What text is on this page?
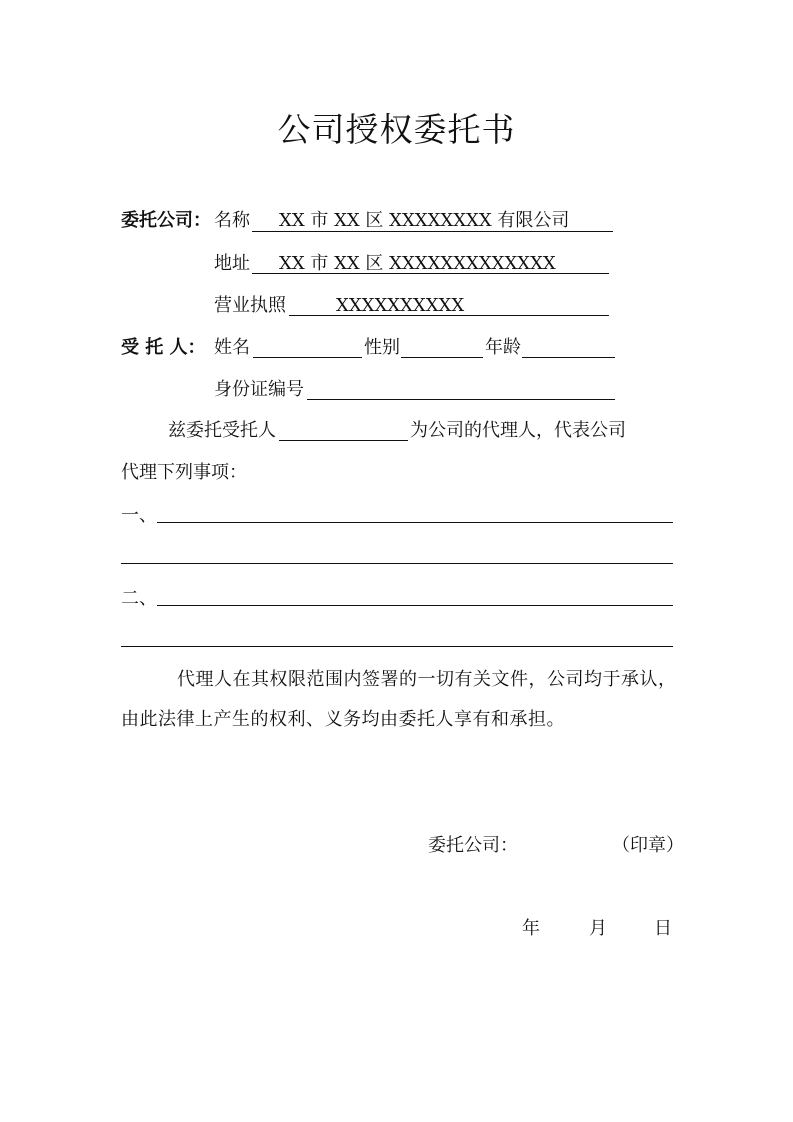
公司授权委托书
委托公司： 名称 XX 市 XX 区 XXXXXXXX 有限公司
地址 XX 市 XX 区 XXXXXXXXXXXXX
营业执照	XXXXXXXXXX
受 托 人： 姓名	性别	年龄
身份证编号
兹委托受托人	为公司的代理人，代表公司
代理下列事项：
一、
二、
代理人在其权限范围内签署的一切有关文件，公司均于承认，
由此法律上产生的权利、义务均由委托人享有和承担。
委托公司：	（印章）
年	月	日
